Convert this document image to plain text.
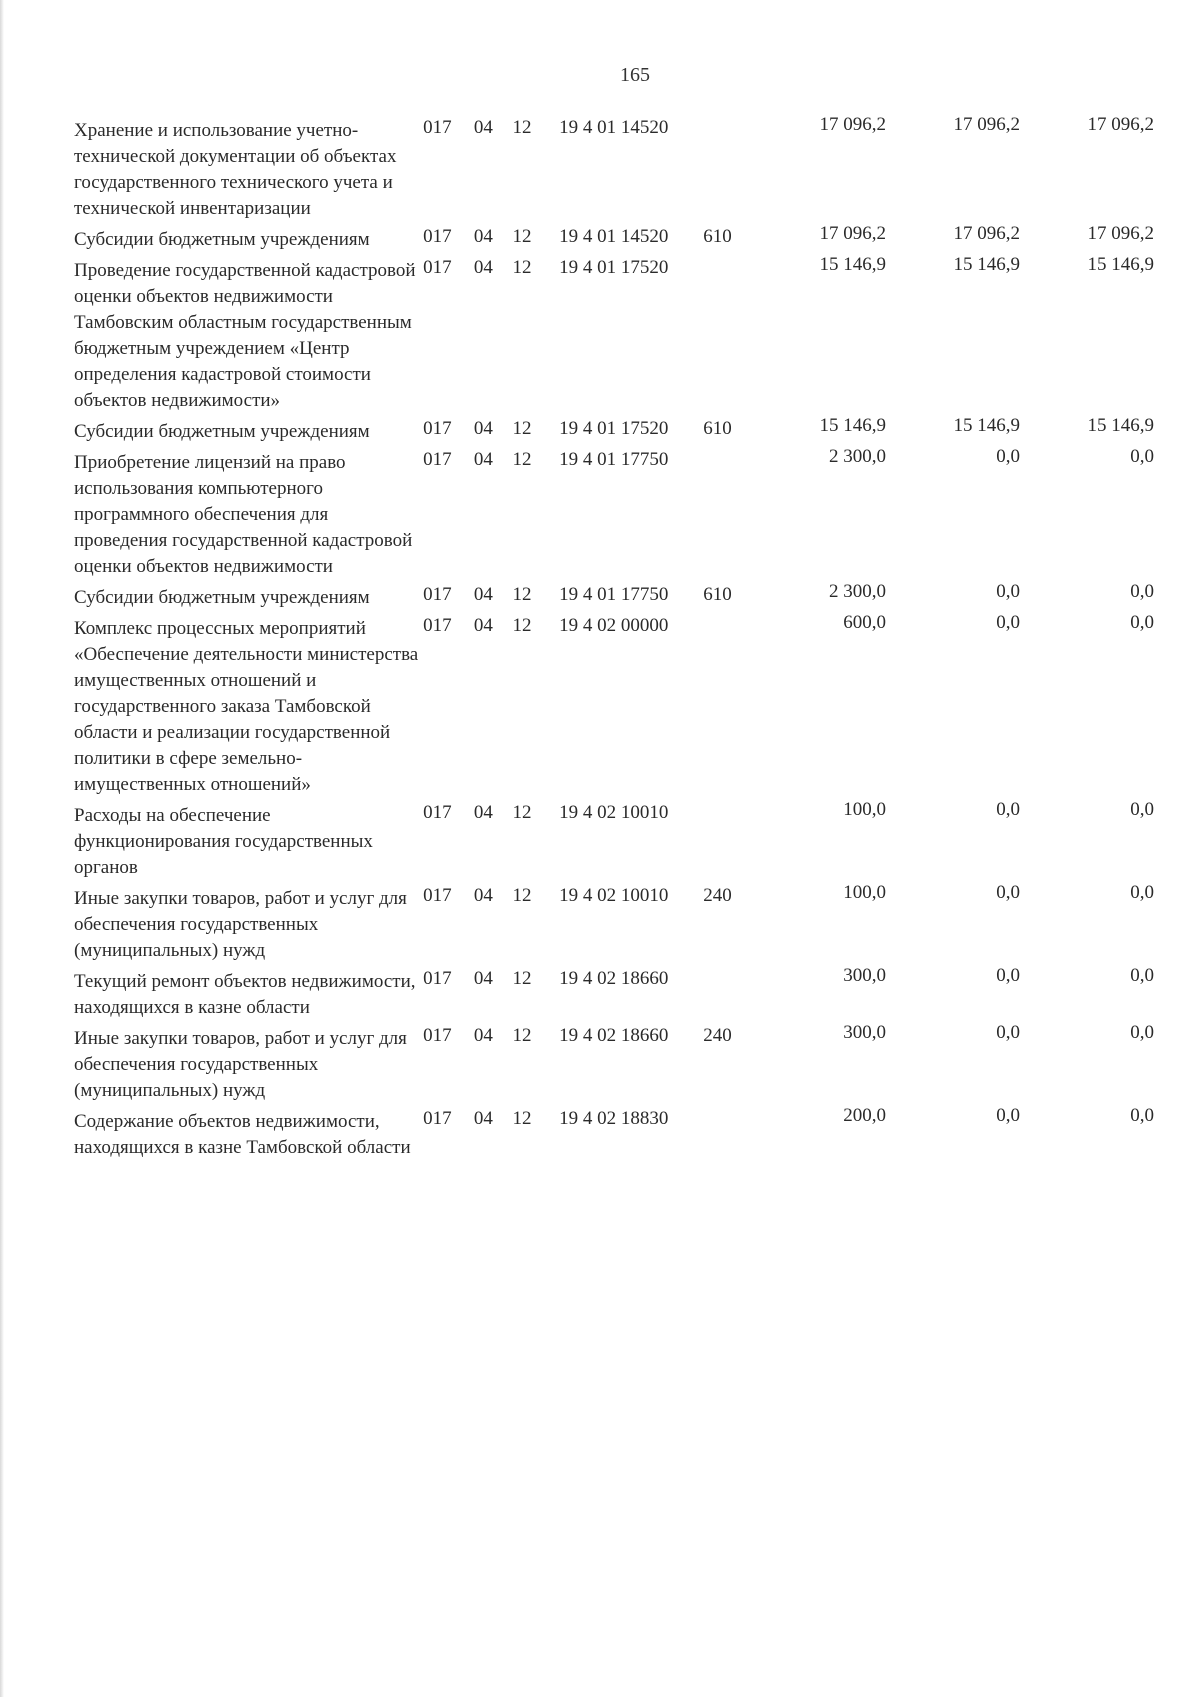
165
Хранение и использование учетно-технической документации об объектах государственного технического учета и технической инвентаризации	017	04	12	19 4 01 14520		17 096,2	17 096,2	17 096,2
Субсидии бюджетным учреждениям	017	04	12	19 4 01 14520	610	17 096,2	17 096,2	17 096,2
Проведение государственной кадастровой оценки объектов недвижимости Тамбовским областным государственным бюджетным учреждением «Центр определения кадастровой стоимости объектов недвижимости»	017	04	12	19 4 01 17520		15 146,9	15 146,9	15 146,9
Субсидии бюджетным учреждениям	017	04	12	19 4 01 17520	610	15 146,9	15 146,9	15 146,9
Приобретение лицензий на право использования компьютерного программного обеспечения для проведения государственной кадастровой оценки объектов недвижимости	017	04	12	19 4 01 17750		2 300,0	0,0	0,0
Субсидии бюджетным учреждениям	017	04	12	19 4 01 17750	610	2 300,0	0,0	0,0
Комплекс процессных мероприятий «Обеспечение деятельности министерства имущественных отношений и государственного заказа Тамбовской области и реализации государственной политики в сфере земельно-имущественных отношений»	017	04	12	19 4 02 00000		600,0	0,0	0,0
Расходы на обеспечение функционирования государственных органов	017	04	12	19 4 02 10010		100,0	0,0	0,0
Иные закупки товаров, работ и услуг для обеспечения государственных (муниципальных) нужд	017	04	12	19 4 02 10010	240	100,0	0,0	0,0
Текущий ремонт объектов недвижимости, находящихся в казне области	017	04	12	19 4 02 18660		300,0	0,0	0,0
Иные закупки товаров, работ и услуг для обеспечения государственных (муниципальных) нужд	017	04	12	19 4 02 18660	240	300,0	0,0	0,0
Содержание объектов недвижимости, находящихся в казне Тамбовской области	017	04	12	19 4 02 18830		200,0	0,0	0,0
